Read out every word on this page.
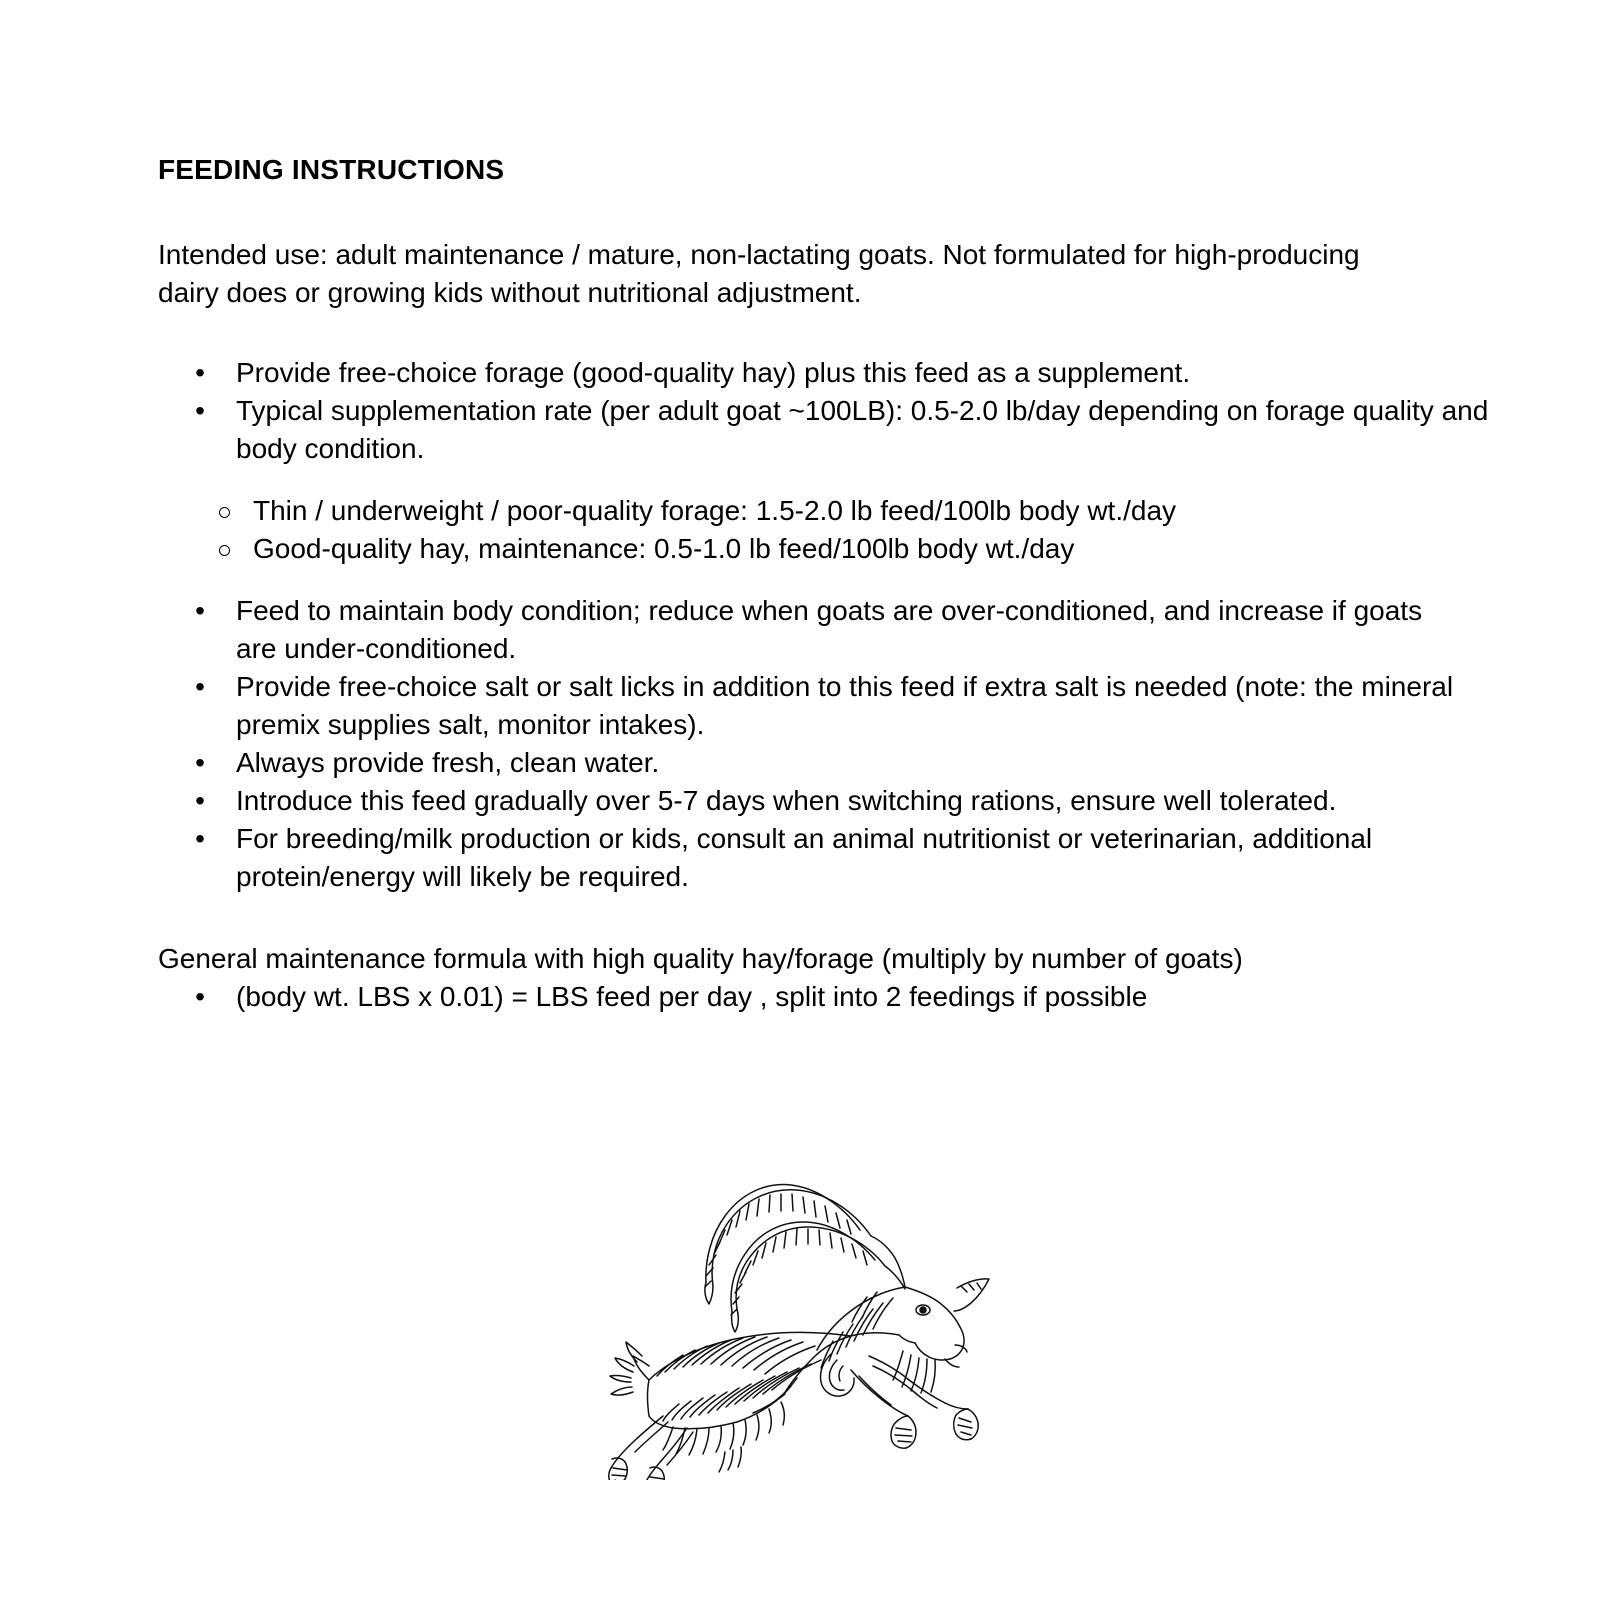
FEEDING INSTRUCTIONS

Intended use: adult maintenance / mature, non-lactating goats. Not formulated for high-producing dairy does or growing kids without nutritional adjustment.

•	Provide free-choice forage (good-quality hay) plus this feed as a supplement.
•	Typical supplementation rate (per adult goat ~100LB): 0.5-2.0 lb/day depending on forage quality and body condition.
Thin / underweight / poor-quality forage: 1.5-2.0 lb feed/100lb body wt./day
Good-quality hay, maintenance: 0.5-1.0 lb feed/100lb body wt./day
•	Feed to maintain body condition; reduce when goats are over-conditioned, and increase if goats are under-conditioned.
•	Provide free-choice salt or salt licks in addition to this feed if extra salt is needed (note: the mineral premix supplies salt, monitor intakes).
•	Always provide fresh, clean water.
•	Introduce this feed gradually over 5-7 days when switching rations, ensure well tolerated.
•	For breeding/milk production or kids, consult an animal nutritionist or veterinarian, additional protein/energy will likely be required.

General maintenance formula with high quality hay/forage (multiply by number of goats)

•	(body wt. LBS x 0.01) = LBS feed per day , split into 2 feedings if possible
